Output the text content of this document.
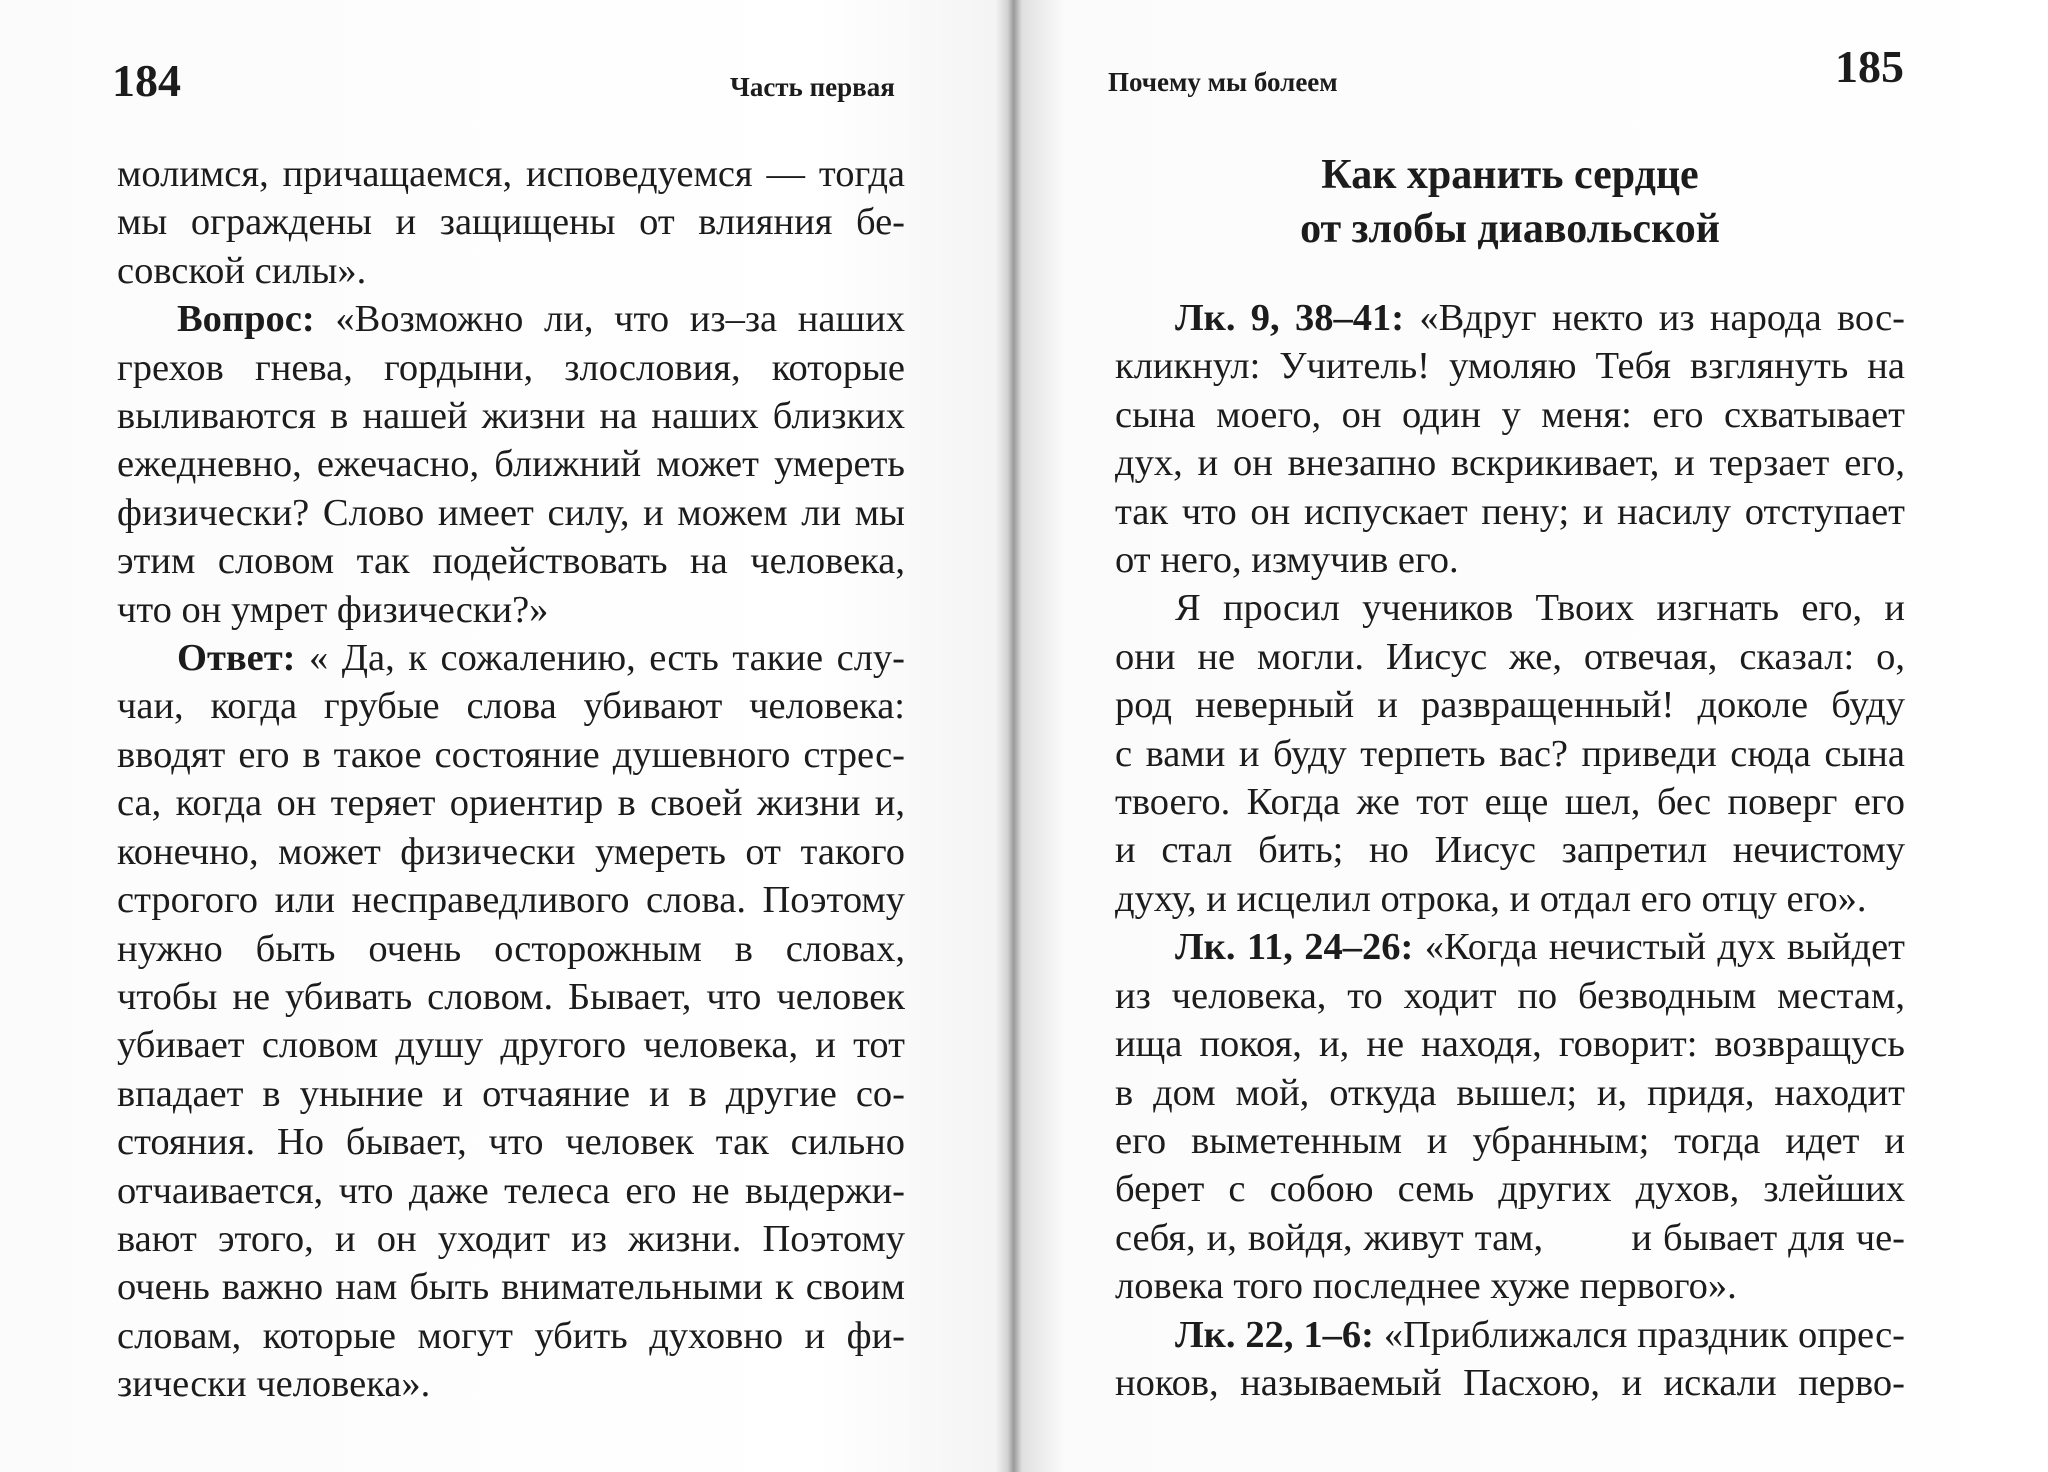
184	Часть первая
молимся, причащаемся, исповедуемся — тогда
мы ограждены и защищены от влияния бе-
совской силы».
Вопрос: «Возможно ли, что из–за наших
грехов гнева, гордыни, злословия, которые
выливаются в нашей жизни на наших близких
ежедневно, ежечасно, ближний может умереть
физически? Слово имеет силу, и можем ли мы
этим словом так подействовать на человека,
что он умрет физически?»
Ответ: « Да, к сожалению, есть такие слу-
чаи, когда грубые слова убивают человека:
вводят его в такое состояние душевного стрес-
са, когда он теряет ориентир в своей жизни и,
конечно, может физически умереть от такого
строгого или несправедливого слова. Поэтому
нужно быть очень осторожным в словах,
чтобы не убивать словом. Бывает, что человек
убивает словом душу другого человека, и тот
впадает в уныние и отчаяние и в другие со-
стояния. Но бывает, что человек так сильно
отчаивается, что даже телеса его не выдержи-
вают этого, и он уходит из жизни. Поэтому
очень важно нам быть внимательными к своим
словам, которые могут убить духовно и фи-
зически человека».
Почему мы болеем	185
Как хранить сердце
от злобы диавольской
Лк. 9, 38–41: «Вдруг некто из народа вос-
кликнул: Учитель! умоляю Тебя взглянуть на
сына моего, он один у меня: его схватывает
дух, и он внезапно вскрикивает, и терзает его,
так что он испускает пену; и насилу отступает
от него, измучив его.
Я просил учеников Твоих изгнать его, и
они не могли. Иисус же, отвечая, сказал: о,
род неверный и развращенный! доколе буду
с вами и буду терпеть вас? приведи сюда сына
твоего. Когда же тот еще шел, бес поверг его
и стал бить; но Иисус запретил нечистому
духу, и исцелил отрока, и отдал его отцу его».
Лк. 11, 24–26: «Когда нечистый дух выйдет
из человека, то ходит по безводным местам,
ища покоя, и, не находя, говорит: возвращусь
в дом мой, откуда вышел; и, придя, находит
его выметенным и убранным; тогда идет и
берет с собою семь других духов, злейших
себя, и, войдя, живут там,        и бывает для че-
ловека того последнее хуже первого».
Лк. 22, 1–6: «Приближался праздник опрес-
ноков, называемый Пасхою, и искали перво-
